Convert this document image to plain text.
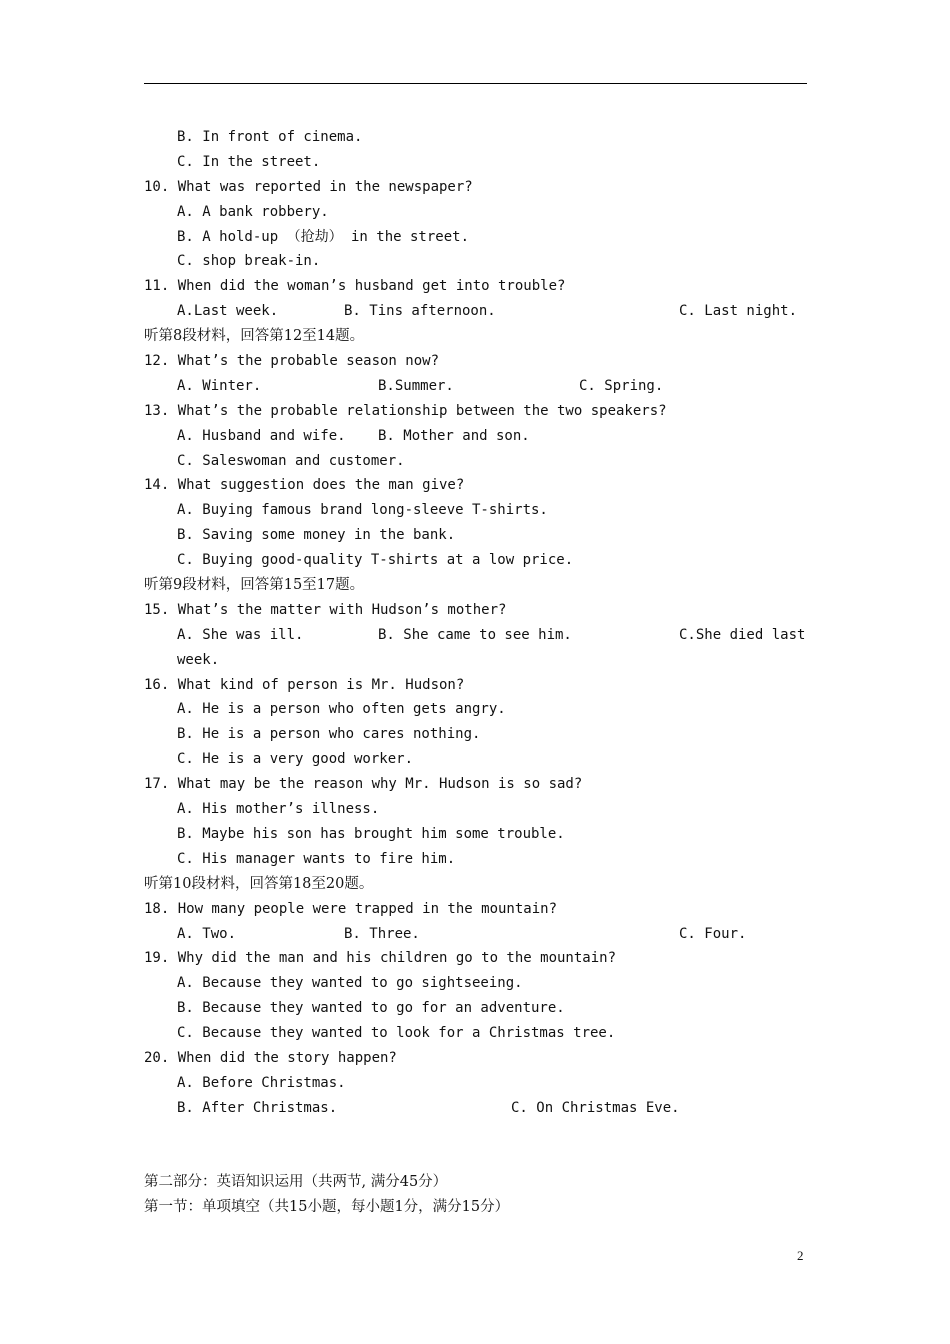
B. In front of cinema.
C. In the street.
10. What was reported in the newspaper?
A. A bank robbery.
B. A hold-up （抢劫） in the street.
C. shop break-in.
11. When did the woman’s husband get into trouble?
A.Last week.	B. Tins afternoon.	C. Last night.
听第8段材料，回答第12至14题。
12. What’s the probable season now?
A. Winter.	B.Summer.	C. Spring.
13. What’s the probable relationship between the two speakers?
A. Husband and wife. B. Mother and son.
C. Saleswoman and customer.
14. What suggestion does the man give?
A. Buying famous brand long-sleeve T-shirts.
B. Saving some money in the bank.
C. Buying good-quality T-shirts at a low price.
听第9段材料，回答第15至17题。
15. What’s the matter with Hudson’s mother?
A. She was ill.	B. She came to see him.	C.She died last
week.
16. What kind of person is Mr. Hudson?
A. He is a person who often gets angry.
B. He is a person who cares nothing.
C. He is a very good worker.
17. What may be the reason why Mr. Hudson is so sad?
A. His mother’s illness.
B. Maybe his son has brought him some trouble.
C. His manager wants to fire him.
听第10段材料，回答第18至20题。
18. How many people were trapped in the mountain?
A. Two.	B. Three.	C. Four.
19. Why did the man and his children go to the mountain?
A. Because they wanted to go sightseeing.
B. Because they wanted to go for an adventure.
C. Because they wanted to look for a Christmas tree.
20. When did the story happen?
A. Before Christmas.
B. After Christmas.	C. On Christmas Eve.
第二部分：英语知识运用（共两节, 满分45分）
第一节：单项填空（共15小题，每小题1分，满分15分）
2
